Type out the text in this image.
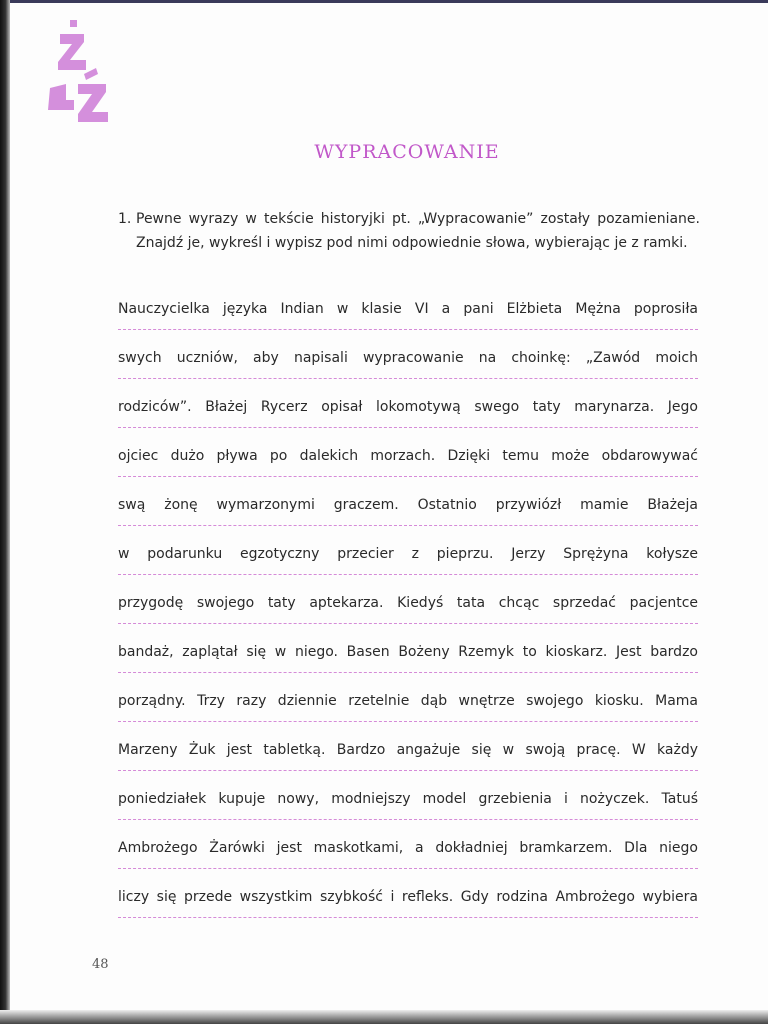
WYPRACOWANIE
1. Pewne wyrazy w tekście historyjki pt. „Wypracowanie” zostały pozamieniane. Znajdź je, wykreśl i wypisz pod nimi odpowiednie słowa, wybierając je z ramki.
Nauczycielka języka Indian w klasie VI a pani Elżbieta Mężna poprosiła
swych uczniów, aby napisali wypracowanie na choinkę: „Zawód moich
rodziców”. Błażej Rycerz opisał lokomotywą swego taty marynarza. Jego
ojciec dużo pływa po dalekich morzach. Dzięki temu może obdarowywać
swą żonę wymarzonymi graczem. Ostatnio przywiózł mamie Błażeja
w podarunku egzotyczny przecier z pieprzu. Jerzy Sprężyna kołysze
przygodę swojego taty aptekarza. Kiedyś tata chcąc sprzedać pacjentce
bandaż, zaplątał się w niego. Basen Bożeny Rzemyk to kioskarz. Jest bardzo
porządny. Trzy razy dziennie rzetelnie dąb wnętrze swojego kiosku. Mama
Marzeny Żuk jest tabletką. Bardzo angażuje się w swoją pracę. W każdy
poniedziałek kupuje nowy, modniejszy model grzebienia i nożyczek. Tatuś
Ambrożego Żarówki jest maskotkami, a dokładniej bramkarzem. Dla niego
liczy się przede wszystkim szybkość i refleks. Gdy rodzina Ambrożego wybiera
48
